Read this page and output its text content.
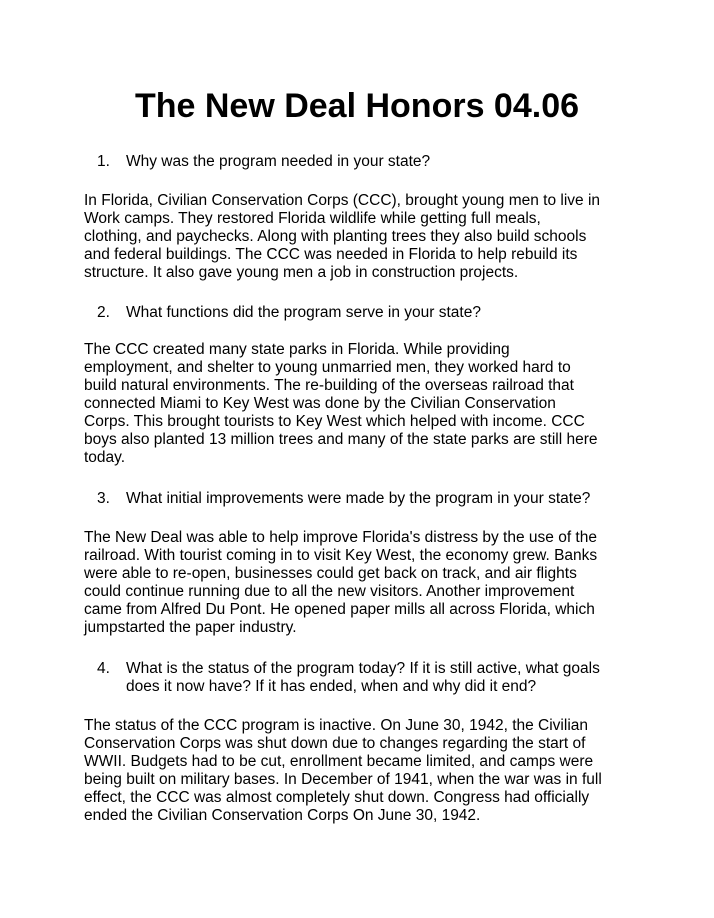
The New Deal Honors 04.06
1. Why was the program needed in your state?
In Florida, Civilian Conservation Corps (CCC), brought young men to live in
Work camps. They restored Florida wildlife while getting full meals,
clothing, and paychecks. Along with planting trees they also build schools
and federal buildings. The CCC was needed in Florida to help rebuild its
structure. It also gave young men a job in construction projects.
2. What functions did the program serve in your state?
The CCC created many state parks in Florida. While providing
employment, and shelter to young unmarried men, they worked hard to
build natural environments. The re-building of the overseas railroad that
connected Miami to Key West was done by the Civilian Conservation
Corps. This brought tourists to Key West which helped with income. CCC
boys also planted 13 million trees and many of the state parks are still here
today.
3. What initial improvements were made by the program in your state?
The New Deal was able to help improve Florida's distress by the use of the
railroad. With tourist coming in to visit Key West, the economy grew. Banks
were able to re-open, businesses could get back on track, and air flights
could continue running due to all the new visitors. Another improvement
came from Alfred Du Pont. He opened paper mills all across Florida, which
jumpstarted the paper industry.
4. What is the status of the program today? If it is still active, what goals does it now have? If it has ended, when and why did it end?
The status of the CCC program is inactive. On June 30, 1942, the Civilian
Conservation Corps was shut down due to changes regarding the start of
WWII. Budgets had to be cut, enrollment became limited, and camps were
being built on military bases. In December of 1941, when the war was in full
effect, the CCC was almost completely shut down. Congress had officially
ended the Civilian Conservation Corps On June 30, 1942.
